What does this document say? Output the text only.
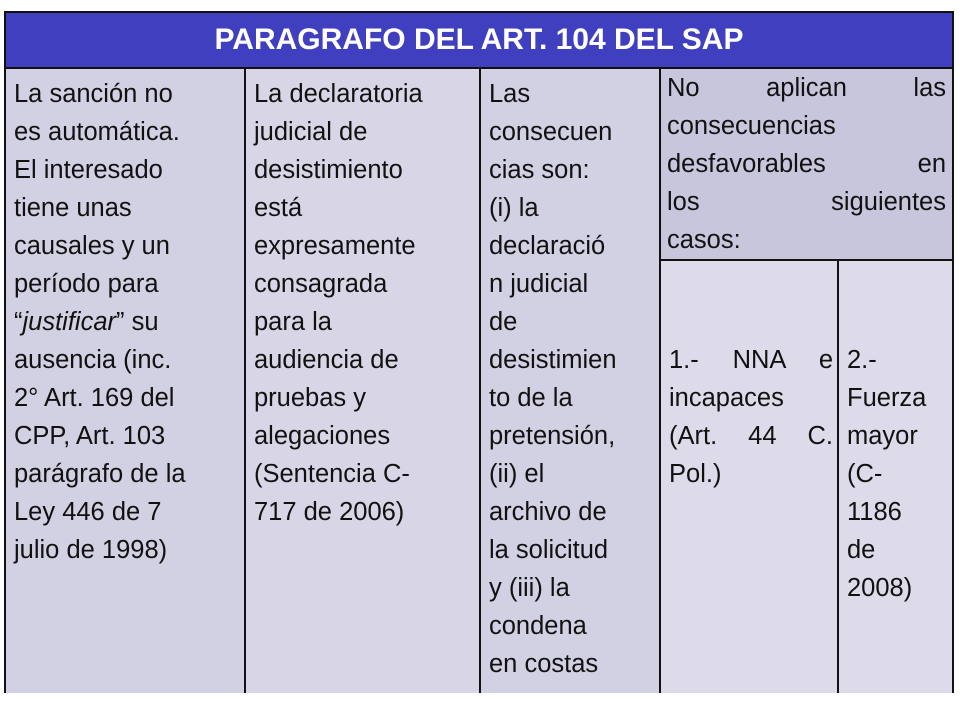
PARAGRAFO DEL ART. 104 DEL SAP
La sanción no
es automática.
El interesado
tiene unas
causales y un
período para
“justificar” su
ausencia (inc.
2° Art. 169 del
CPP, Art. 103
parágrafo de la
Ley 446 de 7
julio de 1998)
La declaratoria
judicial de
desistimiento
está
expresamente
consagrada
para la
audiencia de
pruebas y
alegaciones
(Sentencia C-
717 de 2006)
Las
consecuen
cias son:
(i) la
declaració
n judicial
de
desistimien
to de la
pretensión,
(ii) el
archivo de
la solicitud
y (iii) la
condena
en costas
No aplican las
consecuencias
desfavorables en
los siguientes
casos:
1.- NNA e
incapaces
(Art. 44 C.
Pol.)
2.-
Fuerza
mayor
(C-
1186
de
2008)
